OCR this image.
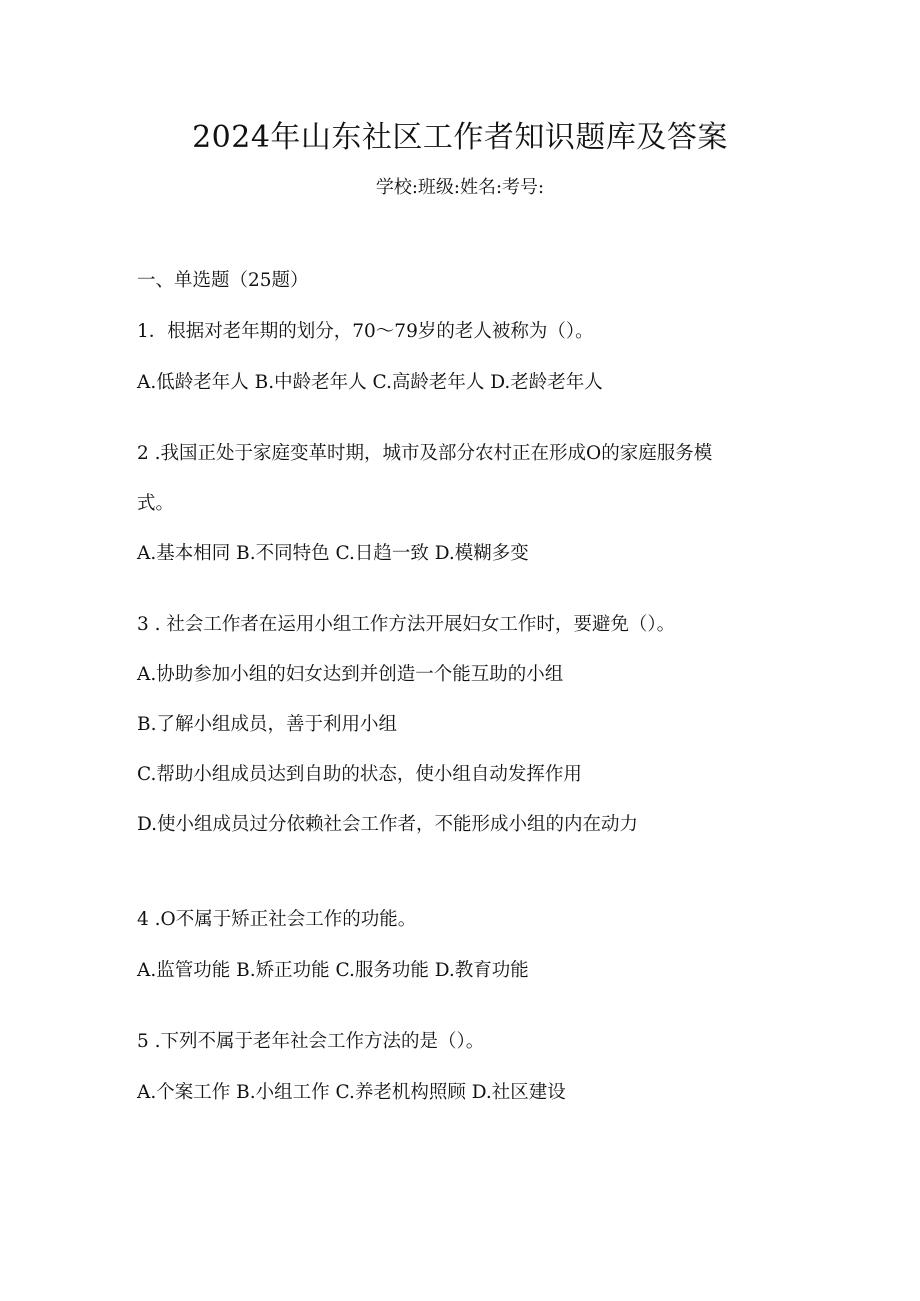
2024年山东社区工作者知识题库及答案
学校:班级:姓名:考号:
一、单选题（25题）
1．根据对老年期的划分，70～79岁的老人被称为（）。
A.低龄老年人 B.中龄老年人 C.高龄老年人 D.老龄老年人
2 .我国正处于家庭变革时期，城市及部分农村正在形成O的家庭服务模
式。
A.基本相同 B.不同特色 C.日趋一致 D.模糊多变
3 . 社会工作者在运用小组工作方法开展妇女工作时，要避免（）。
A.协助参加小组的妇女达到并创造一个能互助的小组
B.了解小组成员，善于利用小组
C.帮助小组成员达到自助的状态，使小组自动发挥作用
D.使小组成员过分依赖社会工作者，不能形成小组的内在动力
4 .O不属于矫正社会工作的功能。
A.监管功能 B.矫正功能 C.服务功能 D.教育功能
5 .下列不属于老年社会工作方法的是（）。
A.个案工作 B.小组工作 C.养老机构照顾 D.社区建设
